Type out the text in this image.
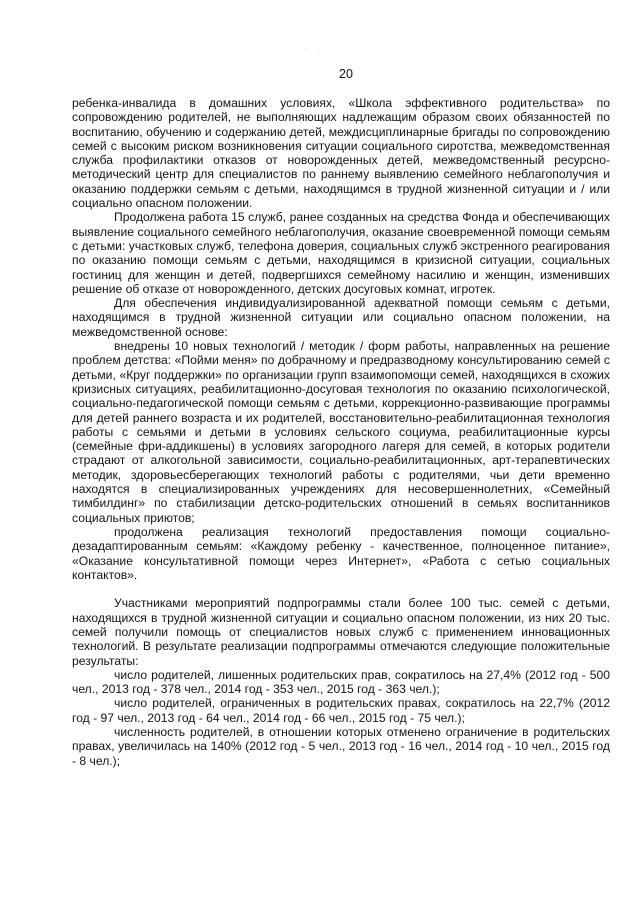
20

ребенка-инвалида в домашних условиях, «Школа эффективного родительства» по сопровождению родителей, не выполняющих надлежащим образом своих обязанностей по воспитанию, обучению и содержанию детей, междисциплинарные бригады по сопровождению семей с высоким риском возникновения ситуации социального сиротства, межведомственная служба профилактики отказов от новорожденных детей, межведомственный ресурсно-методический центр для специалистов по раннему выявлению семейного неблагополучия и оказанию поддержки семьям с детьми, находящимся в трудной жизненной ситуации и / или социально опасном положении.

Продолжена работа 15 служб, ранее созданных на средства Фонда и обеспечивающих выявление социального семейного неблагополучия, оказание своевременной помощи семьям с детьми: участковых служб, телефона доверия, социальных служб экстренного реагирования по оказанию помощи семьям с детьми, находящимся в кризисной ситуации, социальных гостиниц для женщин и детей, подвергшихся семейному насилию и женщин, изменивших решение об отказе от новорожденного, детских досуговых комнат, игротек.

Для обеспечения индивидуализированной адекватной помощи семьям с детьми, находящимся в трудной жизненной ситуации или социально опасном положении, на межведомственной основе:

внедрены 10 новых технологий / методик / форм работы, направленных на решение проблем детства: «Пойми меня» по добрачному и предразводному консультированию семей с детьми, «Круг поддержки» по организации групп взаимопомощи семей, находящихся в схожих кризисных ситуациях, реабилитационно-досуговая технология по оказанию психологической, социально-педагогической помощи семьям с детьми, коррекционно-развивающие программы для детей раннего возраста и их родителей, восстановительно-реабилитационная технология работы с семьями и детьми в условиях сельского социума, реабилитационные курсы (семейные фри-аддикшены) в условиях загородного лагеря для семей, в которых родители страдают от алкогольной зависимости, социально-реабилитационных, арт-терапевтических методик, здоровьесберегающих технологий работы с родителями, чьи дети временно находятся в специализированных учреждениях для несовершеннолетних, «Семейный тимбилдинг» по стабилизации детско-родительских отношений в семьях воспитанников социальных приютов;

продолжена реализация технологий предоставления помощи социально-дезадаптированным семьям: «Каждому ребенку - качественное, полноценное питание», «Оказание консультативной помощи через Интернет», «Работа с сетью социальных контактов».

Участниками мероприятий подпрограммы стали более 100 тыс. семей с детьми, находящихся в трудной жизненной ситуации и социально опасном положении, из них 20 тыс. семей получили помощь от специалистов новых служб с применением инновационных технологий. В результате реализации подпрограммы отмечаются следующие положительные результаты:

число родителей, лишенных родительских прав, сократилось на 27,4% (2012 год - 500 чел., 2013 год - 378 чел., 2014 год - 353 чел., 2015 год - 363 чел.);

число родителей, ограниченных в родительских правах, сократилось на 22,7% (2012 год - 97 чел., 2013 год - 64 чел., 2014 год - 66 чел., 2015 год - 75 чел.);

численность родителей, в отношении которых отменено ограничение в родительских правах, увеличилась на 140% (2012 год - 5 чел., 2013 год - 16 чел., 2014 год - 10 чел., 2015 год - 8 чел.);
